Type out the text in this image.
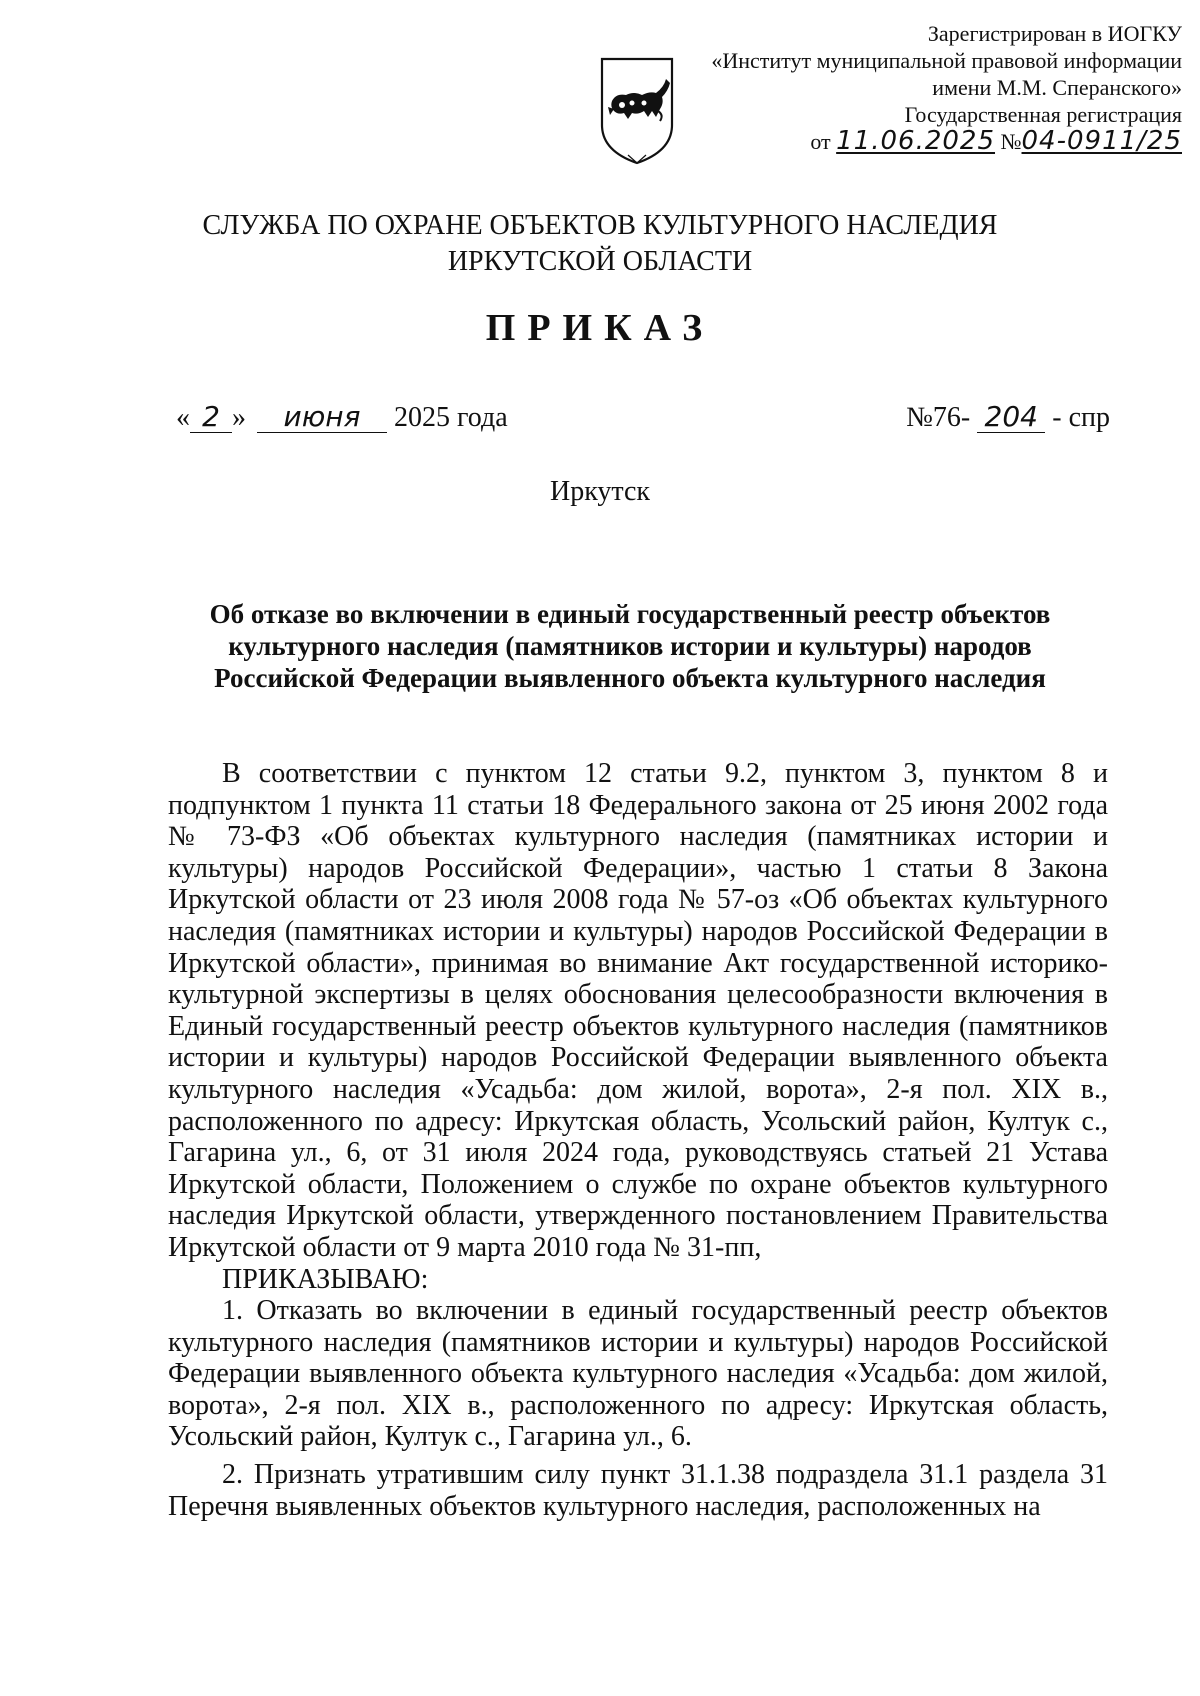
Зарегистрирован в ИОГКУ
«Институт муниципальной правовой информации
имени М.М. Сперанского»
Государственная регистрация
от 11.06.2025 №04-0911/25
СЛУЖБА ПО ОХРАНЕ ОБЪЕКТОВ КУЛЬТУРНОГО НАСЛЕДИЯ
ИРКУТСКОЙ ОБЛАСТИ
ПРИКАЗ
« 2 » июня 2025 года	№76- 204 - спр
Иркутск
Об отказе во включении в единый государственный реестр объектов
культурного наследия (памятников истории и культуры) народов
Российской Федерации выявленного объекта культурного наследия

В соответствии с пунктом 12 статьи 9.2, пунктом 3, пунктом 8 и подпунктом 1 пункта 11 статьи 18 Федерального закона от 25 июня 2002 года № 73-ФЗ «Об объектах культурного наследия (памятниках истории и культуры) народов Российской Федерации», частью 1 статьи 8 Закона Иркутской области от 23 июля 2008 года № 57-оз «Об объектах культурного наследия (памятниках истории и культуры) народов Российской Федерации в Иркутской области», принимая во внимание Акт государственной историко-культурной экспертизы в целях обоснования целесообразности включения в Единый государственный реестр объектов культурного наследия (памятников истории и культуры) народов Российской Федерации выявленного объекта культурного наследия «Усадьба: дом жилой, ворота», 2-я пол. XIX в., расположенного по адресу: Иркутская область, Усольский район, Култук с., Гагарина ул., 6, от 31 июля 2024 года, руководствуясь статьей 21 Устава Иркутской области, Положением о службе по охране объектов культурного наследия Иркутской области, утвержденного постановлением Правительства Иркутской области от 9 марта 2010 года № 31-пп,

ПРИКАЗЫВАЮ:

1. Отказать во включении в единый государственный реестр объектов культурного наследия (памятников истории и культуры) народов Российской Федерации выявленного объекта культурного наследия «Усадьба: дом жилой, ворота», 2-я пол. XIX в., расположенного по адресу: Иркутская область, Усольский район, Култук с., Гагарина ул., 6.

2. Признать утратившим силу пункт 31.1.38 подраздела 31.1 раздела 31 Перечня выявленных объектов культурного наследия, расположенных на
